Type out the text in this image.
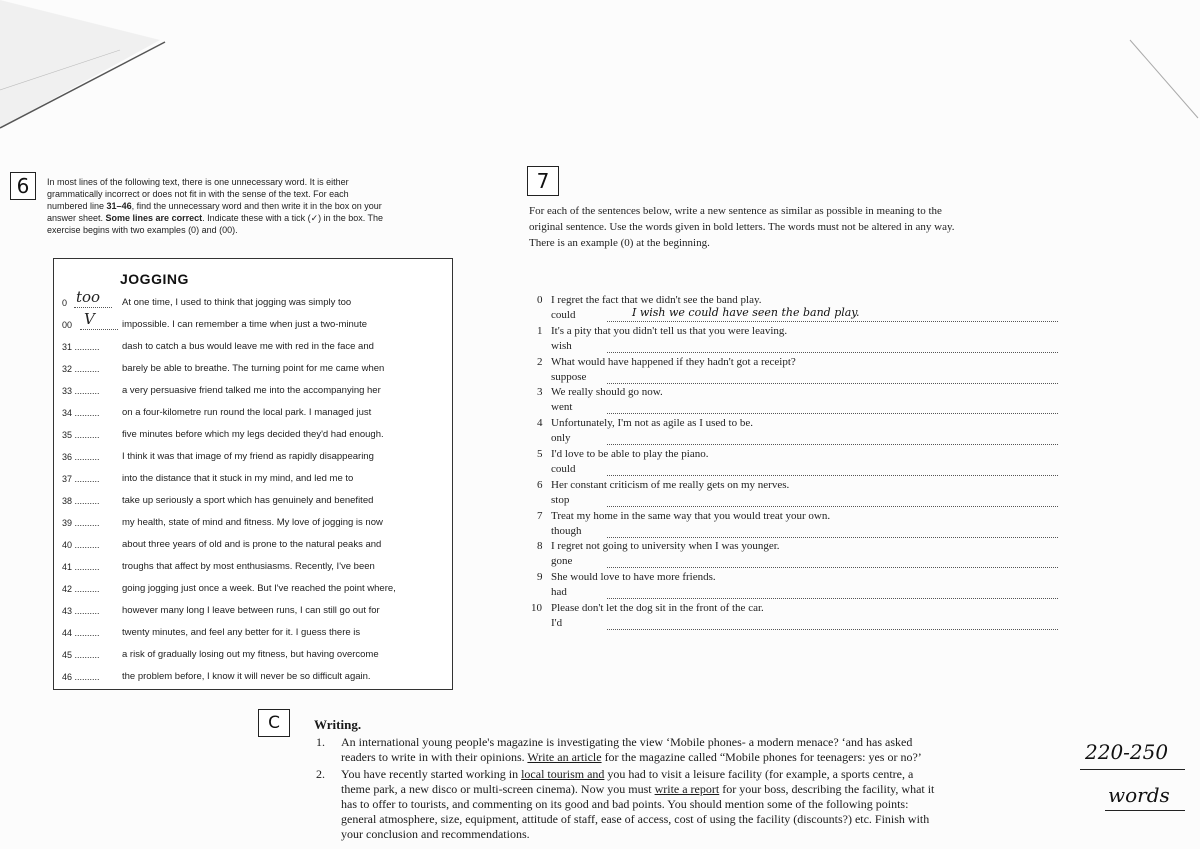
6	In most lines of the following text, there is one unnecessary word. It is either
grammatically incorrect or does not fit in with the sense of the text. For each
numbered line 31–46, find the unnecessary word and then write it in the box on your
answer sheet. Some lines are correct. Indicate these with a tick (✓) in the box. The
exercise begins with two examples (0) and (00).
JOGGING
0 too At one time, I used to think that jogging was simply too
00 V	impossible. I can remember a time when just a two-minute
31 ..........	dash to catch a bus would leave me with red in the face and
32 ..........	barely be able to breathe. The turning point for me came when
33 ..........	a very persuasive friend talked me into the accompanying her
34 ..........	on a four-kilometre run round the local park. I managed just
35 ..........	five minutes before which my legs decided they'd had enough.
36 ..........	I think it was that image of my friend as rapidly disappearing
37 ..........	into the distance that it stuck in my mind, and led me to
38 ..........	take up seriously a sport which has genuinely and benefited
39 ..........	my health, state of mind and fitness. My love of jogging is now
40 ..........	about three years of old and is prone to the natural peaks and
41 ..........	troughs that affect by most enthusiasms. Recently, I've been
42 ..........	going jogging just once a week. But I've reached the point where,
43 ..........	however many long I leave between runs, I can still go out for
44 ..........	twenty minutes, and feel any better for it. I guess there is
45 ..........	a risk of gradually losing out my fitness, but having overcome
46 ..........	the problem before, I know it will never be so difficult again.
7
For each of the sentences below, write a new sentence as similar as possible in meaning to the
original sentence. Use the words given in bold letters. The words must not be altered in any way.
There is an example (0) at the beginning.
0 I regret the fact that we didn't see the band play.
could	I wish we could have seen the band play.
1 It's a pity that you didn't tell us that you were leaving.
wish
2 What would have happened if they hadn't got a receipt?
suppose
3 We really should go now.
went
4 Unfortunately, I'm not as agile as I used to be.
only
5 I'd love to be able to play the piano.
could
6 Her constant criticism of me really gets on my nerves.
stop
7 Treat my home in the same way that you would treat your own.
though
8 I regret not going to university when I was younger.
gone
9 She would love to have more friends.
had
10 Please don't let the dog sit in the front of the car.
I'd
C	Writing.
1. An international young people's magazine is investigating the view ‘Mobile phones- a modern menace? ‘and has asked
readers to write in with their opinions. Write an article for the magazine called “Mobile phones for teenagers: yes or no?’
2. You have recently started working in local tourism and you had to visit a leisure facility (for example, a sports centre, a
theme park, a new disco or multi-screen cinema). Now you must write a report for your boss, describing the facility, what it
has to offer to tourists, and commenting on its good and bad points. You should mention some of the following points:
general atmosphere, size, equipment, attitude of staff, ease of access, cost of using the facility (discounts?) etc. Finish with
your conclusion and recommendations.
220-250
words
